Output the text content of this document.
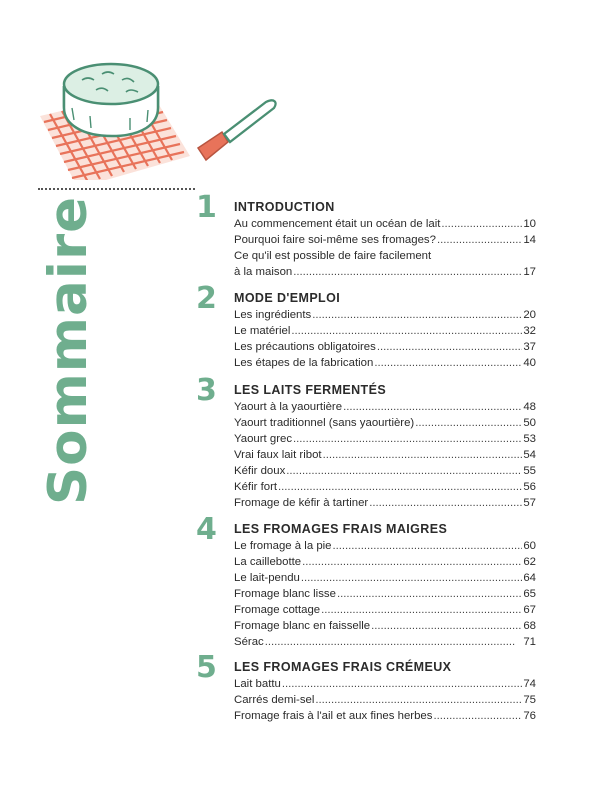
Sommaire	1 INTRODUCTION
Au commencement était un océan de lait . . .	10
Pourquoi faire soi-même ses fromages? . . .	14
Ce qu'il est possible de faire facilement
à la maison . . .	17
2 MODE D'EMPLOI
Les ingrédients . . .	20
Le matériel . . .	32
Les précautions obligatoires . . .	37
Les étapes de la fabrication . . .	40
3 LES LAITS FERMENTÉS
Yaourt à la yaourtière . . .	48
Yaourt traditionnel (sans yaourtière) . . .	50
Yaourt grec . . .	53
Vrai faux lait ribot . . .	54
Kéfir doux . . .	55
Kéfir fort . . .	56
Fromage de kéfir à tartiner . . .	57
4 LES FROMAGES FRAIS MAIGRES
Le fromage à la pie . . .	60
La caillebotte . . .	62
Le lait-pendu . . .	64
Fromage blanc lisse . . .	65
Fromage cottage . . .	67
Fromage blanc en faisselle . . .	68
Sérac . . .	71
5 LES FROMAGES FRAIS CRÉMEUX
Lait battu . . .	74
Carrés demi-sel . . .	75
Fromage frais à l'ail et aux fines herbes . . .	76
